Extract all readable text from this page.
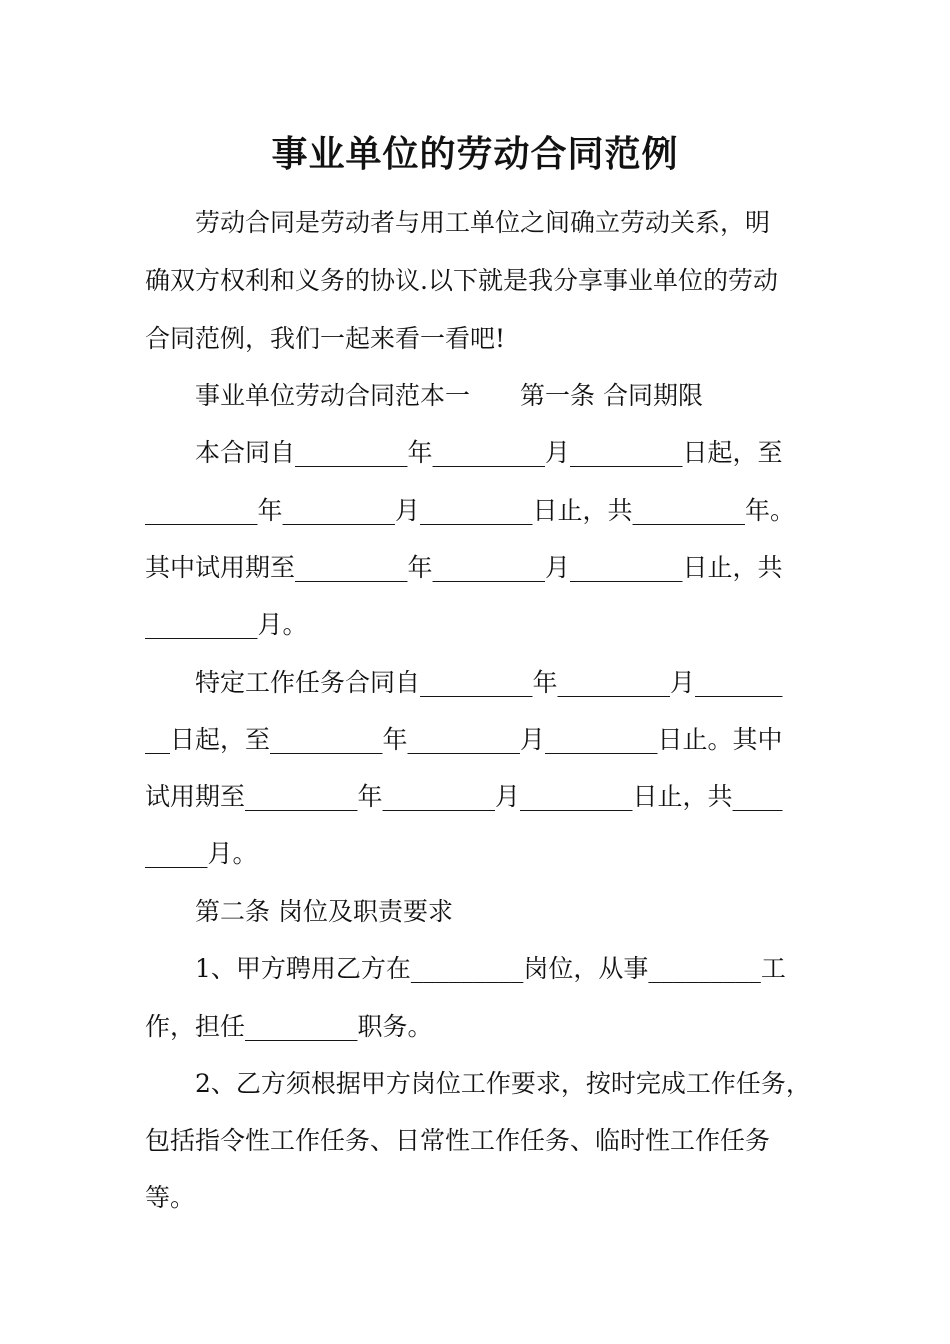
事业单位的劳动合同范例
劳动合同是劳动者与用工单位之间确立劳动关系，明
确双方权利和义务的协议.以下就是我分享事业单位的劳动
合同范例，我们一起来看一看吧!
事业单位劳动合同范本一　　第一条 合同期限
本合同自_________年_________月_________日起，至
_________年_________月_________日止，共_________年。
其中试用期至_________年_________月_________日止，共
_________月。
特定工作任务合同自_________年_________月_______
__日起，至_________年_________月_________日止。其中
试用期至_________年_________月_________日止，共____
_____月。
第二条 岗位及职责要求
1、甲方聘用乙方在_________岗位，从事_________工
作，担任_________职务。
2、乙方须根据甲方岗位工作要求，按时完成工作任务，
包括指令性工作任务、日常性工作任务、临时性工作任务
等。
